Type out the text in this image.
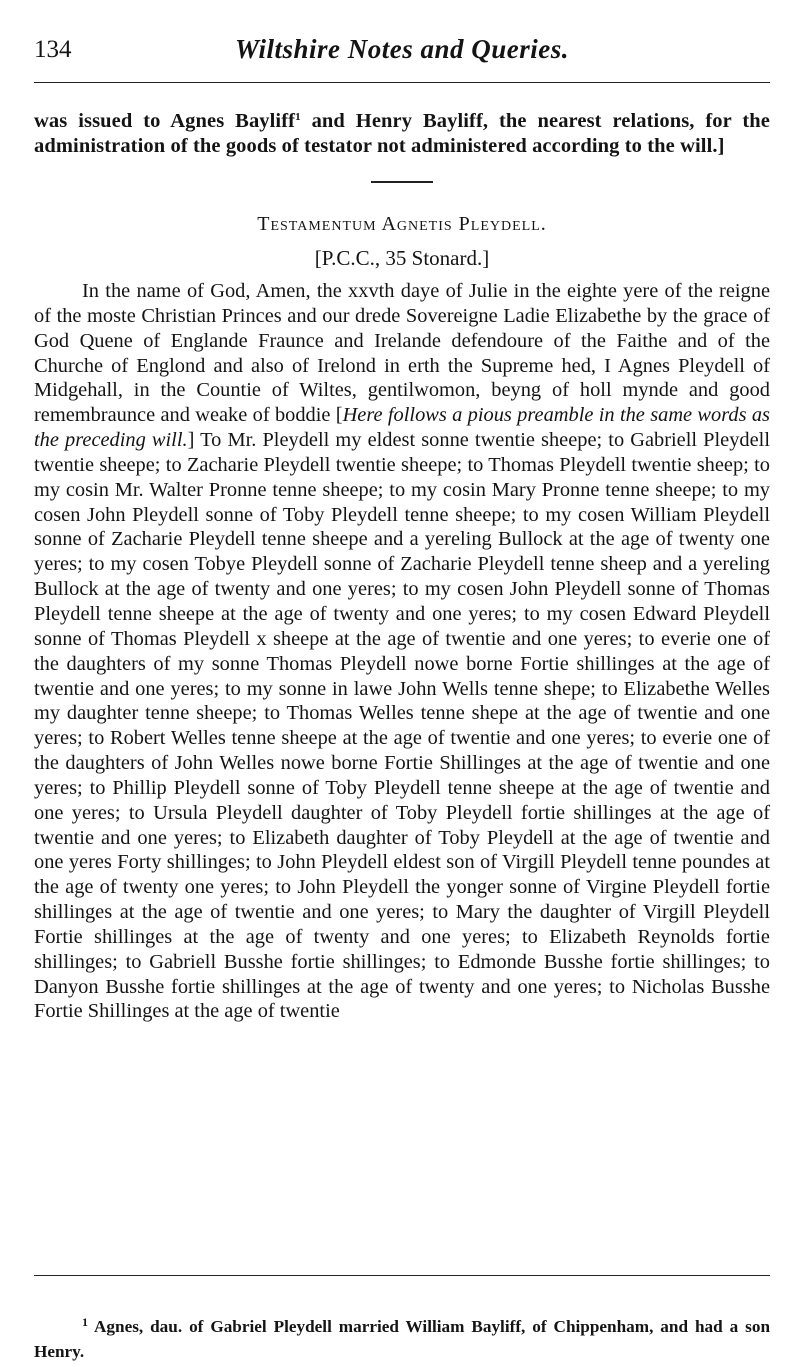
134	Wiltshire Notes and Queries.

was issued to Agnes Bayliff$^1$ and Henry Bayliff, the nearest relations, for the administration of the goods of testator not administered according to the will.]

Testamentum Agnetis Pleydell.
[P.C.C., 35 Stonard.]

In the name of God, Amen, the xxvth daye of Julie in the eighte yere of the reigne of the moste Christian Princes and our drede Sovereigne Ladie Elizabethe by the grace of God Quene of Englande Fraunce and Irelande defendoure of the Faithe and of the Churche of Englond and also of Irelond in erth the Supreme hed, I Agnes Pleydell of Midgehall, in the Countie of Wiltes, gentilwomon, beyng of holl mynde and good remembraunce and weake of boddie [Here follows a pious preamble in the same words as the preceding will.] To Mr. Pleydell my eldest sonne twentie sheepe; to Gabriell Pleydell twentie sheepe; to Zacharie Pleydell twentie sheepe; to Thomas Pleydell twentie sheep; to my cosin Mr. Walter Pronne tenne sheepe; to my cosin Mary Pronne tenne sheepe; to my cosen John Pleydell sonne of Toby Pleydell tenne sheepe; to my cosen William Pleydell sonne of Zacharie Pleydell tenne sheepe and a yereling Bullock at the age of twenty one yeres; to my cosen Tobye Pleydell sonne of Zacharie Pleydell tenne sheep and a yereling Bullock at the age of twenty and one yeres; to my cosen John Pleydell sonne of Thomas Pleydell tenne sheepe at the age of twenty and one yeres; to my cosen Edward Pleydell sonne of Thomas Pleydell x sheepe at the age of twentie and one yeres; to everie one of the daughters of my sonne Thomas Pleydell nowe borne Fortie shillinges at the age of twentie and one yeres; to my sonne in lawe John Wells tenne shepe; to Elizabethe Welles my daughter tenne sheepe; to Thomas Welles tenne shepe at the age of twentie and one yeres; to Robert Welles tenne sheepe at the age of twentie and one yeres; to everie one of the daughters of John Welles nowe borne Fortie Shillinges at the age of twentie and one yeres; to Phillip Pleydell sonne of Toby Pleydell tenne sheepe at the age of twentie and one yeres; to Ursula Pleydell daughter of Toby Pleydell fortie shillinges at the age of twentie and one yeres; to Elizabeth daughter of Toby Pleydell at the age of twentie and one yeres Forty shillinges; to John Pleydell eldest son of Virgill Pleydell tenne poundes at the age of twenty one yeres; to John Pleydell the yonger sonne of Virgine Pleydell fortie shillinges at the age of twentie and one yeres; to Mary the daughter of Virgill Pleydell Fortie shillinges at the age of twenty and one yeres; to Elizabeth Reynolds fortie shillinges; to Gabriell Busshe fortie shillinges; to Edmonde Busshe fortie shillinges; to Danyon Busshe fortie shillinges at the age of twenty and one yeres; to Nicholas Busshe Fortie Shillinges at the age of twentie

$^1$ Agnes, dau. of Gabriel Pleydell married William Bayliff, of Chippenham, and had a son Henry.
